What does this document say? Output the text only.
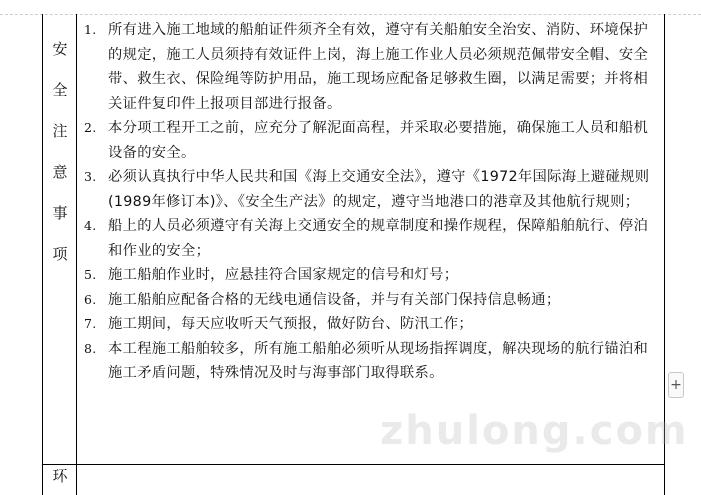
安
全
注
意
事
项
1. 所有进入施工地域的船舶证件须齐全有效，遵守有关船舶安全治安、消防、环境保护的规定，施工人员须持有效证件上岗，海上施工作业人员必须规范佩带安全帽、安全带、救生衣、保险绳等防护用品，施工现场应配备足够救生圈，以满足需要；并将相关证件复印件上报项目部进行报备。
2. 本分项工程开工之前，应充分了解泥面高程，并采取必要措施，确保施工人员和船机设备的安全。
3. 必须认真执行中华人民共和国《海上交通安全法》，遵守《1972年国际海上避碰规则(1989年修订本)》、《安全生产法》的规定，遵守当地港口的港章及其他航行规则；
4. 船上的人员必须遵守有关海上交通安全的规章制度和操作规程，保障船舶航行、停泊和作业的安全；
5. 施工船舶作业时，应悬挂符合国家规定的信号和灯号；
6. 施工船舶应配备合格的无线电通信设备，并与有关部门保持信息畅通；
7. 施工期间，每天应收听天气预报，做好防台、防汛工作；
8. 本工程施工船舶较多，所有施工船舶必须听从现场指挥调度，解决现场的航行锚泊和施工矛盾问题，特殊情况及时与海事部门取得联系。
环
+
zhulong.com
